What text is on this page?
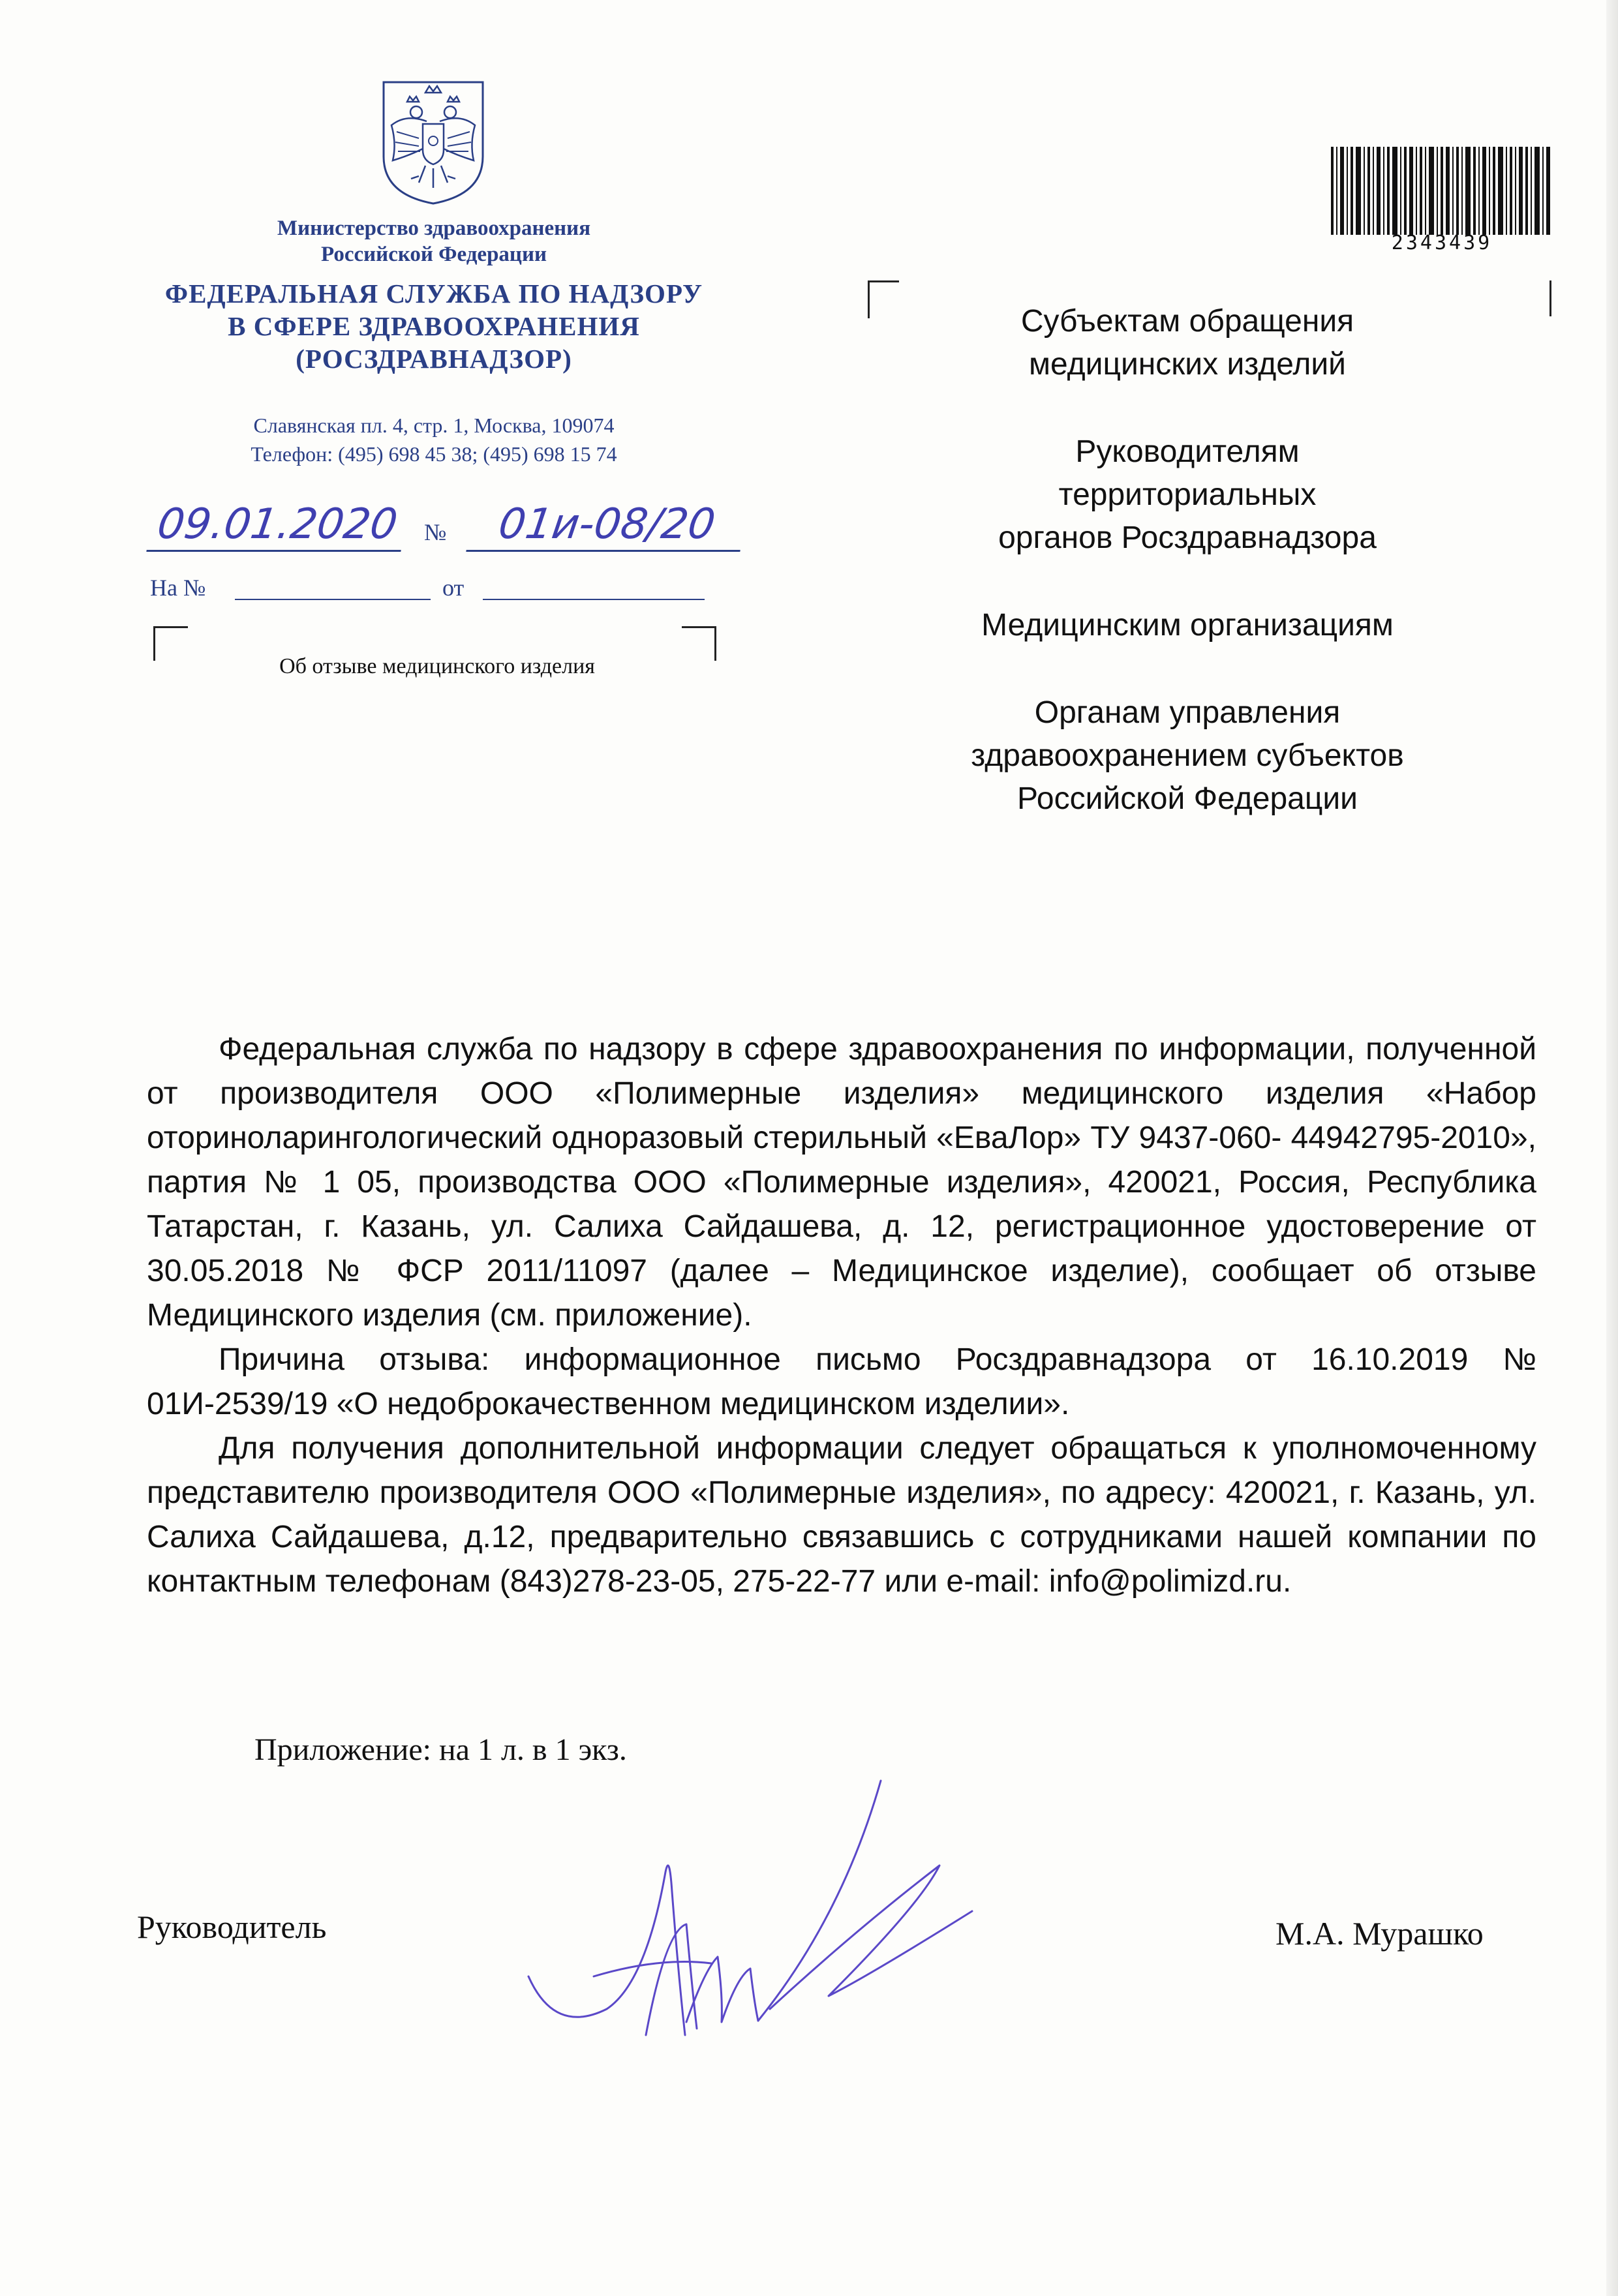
Министерство здравоохранения
Российской Федерации
ФЕДЕРАЛЬНАЯ СЛУЖБА ПО НАДЗОРУ
В СФЕРЕ ЗДРАВООХРАНЕНИЯ
(РОСЗДРАВНАДЗОР)
Славянская пл. 4, стр. 1, Москва, 109074
Телефон: (495) 698 45 38; (495) 698 15 74
09.01.2020	№	01и-08/20
На №	от
Об отзыве медицинского изделия
2343439
Субъектам обращения
медицинских изделий
Руководителям
территориальных
органов Росздравнадзора
Медицинским организациям
Органам управления
здравоохранением субъектов
Российской Федерации

Федеральная служба по надзору в сфере здравоохранения по информации, полученной от производителя ООО «Полимерные изделия» медицинского изделия «Набор оториноларингологический одноразовый стерильный «ЕваЛор» ТУ 9437-060- 44942795-2010», партия № 1 05, производства ООО «Полимерные изделия», 420021, Россия, Республика Татарстан, г. Казань, ул. Салиха Сайдашева, д. 12, регистрационное удостоверение от 30.05.2018 № ФСР 2011/11097 (далее – Медицинское изделие), сообщает об отзыве Медицинского изделия (см. приложение).

Причина отзыва: информационное письмо Росздравнадзора от 16.10.2019 № 01И-2539/19 «О недоброкачественном медицинском изделии».

Для получения дополнительной информации следует обращаться к уполномоченному представителю производителя ООО «Полимерные изделия», по адресу: 420021, г. Казань, ул. Салиха Сайдашева, д.12, предварительно связавшись с сотрудниками нашей компании по контактным телефонам (843)278-23-05, 275-22-77 или e-mail: info@polimizd.ru.

Приложение: на 1 л. в 1 экз.
Руководитель	М.А. Мурашко
